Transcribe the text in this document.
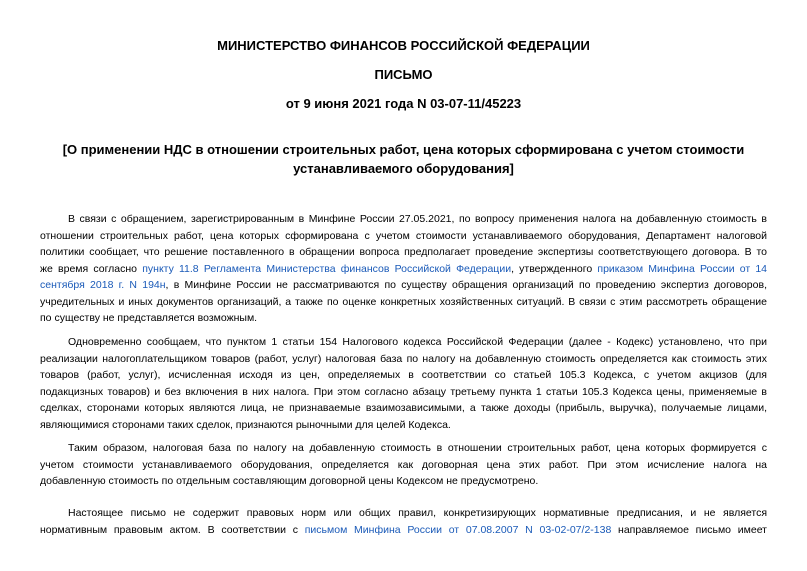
МИНИСТЕРСТВО ФИНАНСОВ РОССИЙСКОЙ ФЕДЕРАЦИИ
ПИСЬМО
от 9 июня 2021 года N 03-07-11/45223
[О применении НДС в отношении строительных работ, цена которых сформирована с учетом стоимости
устанавливаемого оборудования]
В связи с обращением, зарегистрированным в Минфине России 27.05.2021, по вопросу применения налога на добавленную стоимость в
отношении строительных работ, цена которых сформирована с учетом стоимости устанавливаемого оборудования, Департамент налоговой
политики сообщает, что решение поставленного в обращении вопроса предполагает проведение экспертизы соответствующего договора. В то
же время согласно пункту 11.8 Регламента Министерства финансов Российской Федерации, утвержденного приказом Минфина России от 14
сентября 2018 г. N 194н, в Минфине России не рассматриваются по существу обращения организаций по проведению экспертиз договоров,
учредительных и иных документов организаций, а также по оценке конкретных хозяйственных ситуаций. В связи с этим рассмотреть обращение
по существу не представляется возможным.
Одновременно сообщаем, что пунктом 1 статьи 154 Налогового кодекса Российской Федерации (далее - Кодекс) установлено, что при
реализации налогоплательщиком товаров (работ, услуг) налоговая база по налогу на добавленную стоимость определяется как стоимость этих
товаров (работ, услуг), исчисленная исходя из цен, определяемых в соответствии со статьей 105.3 Кодекса, с учетом акцизов (для
подакцизных товаров) и без включения в них налога. При этом согласно абзацу третьему пункта 1 статьи 105.3 Кодекса цены, применяемые в
сделках, сторонами которых являются лица, не признаваемые взаимозависимыми, а также доходы (прибыль, выручка), получаемые лицами,
являющимися сторонами таких сделок, признаются рыночными для целей Кодекса.
Таким образом, налоговая база по налогу на добавленную стоимость в отношении строительных работ, цена которых формируется с
учетом стоимости устанавливаемого оборудования, определяется как договорная цена этих работ. При этом исчисление налога на
добавленную стоимость по отдельным составляющим договорной цены Кодексом не предусмотрено.
Настоящее письмо не содержит правовых норм или общих правил, конкретизирующих нормативные предписания, и не является
нормативным правовым актом. В соответствии с письмом Минфина России от 07.08.2007 N 03-02-07/2-138 направляемое письмо имеет
